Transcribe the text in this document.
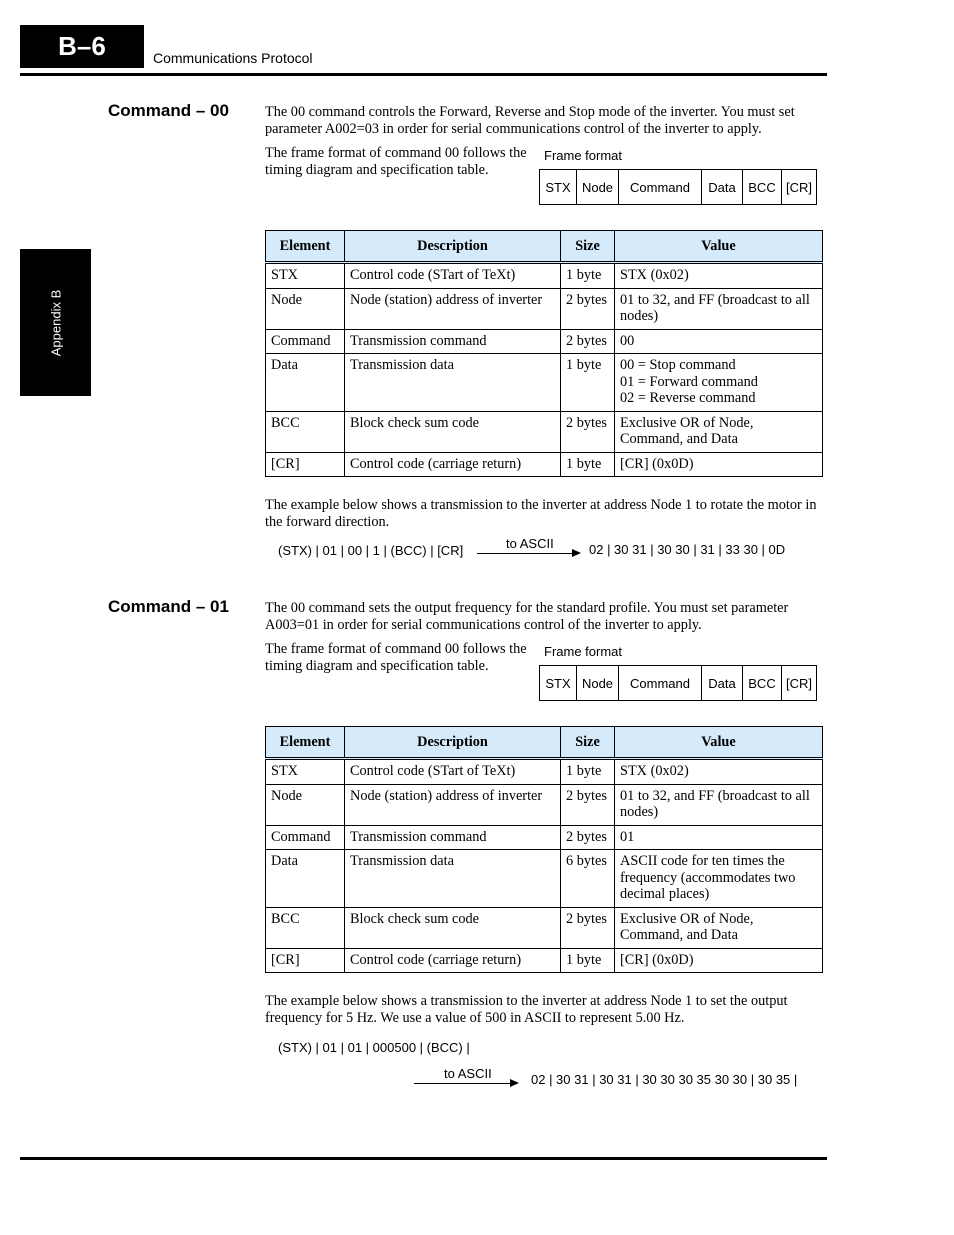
B–6	Communications Protocol
Appendix B
Command – 00	The 00 command controls the Forward, Reverse and Stop mode of the inverter. You must set parameter A002=03 in order for serial communications control of the inverter to apply.
The frame format of command 00 follows the timing diagram and specification table.
Frame format
STX Node	Command	Data BCC [CR]
Element	Description	Size	Value
STX	Control code (STart of TeXt)	1 byte	STX (0x02)
Node	Node (station) address of inverter	2 bytes	01 to 32, and FF (broadcast to all nodes)
Command	Transmission command	2 bytes	00
Data	Transmission data	1 byte	00 = Stop command
01 = Forward command
02 = Reverse command
BCC	Block check sum code	2 bytes	Exclusive OR of Node, Command, and Data
[CR]	Control code (carriage return)	1 byte	[CR] (0x0D)
The example below shows a transmission to the inverter at address Node 1 to rotate the motor in the forward direction.
(STX) | 01 | 00 | 1 | (BCC) | [CR]	to ASCII	02 | 30 31 | 30 30 | 31 | 33 30 | 0D
Command – 01	The 00 command sets the output frequency for the standard profile. You must set parameter A003=01 in order for serial communications control of the inverter to apply.
The frame format of command 00 follows the timing diagram and specification table.
Frame format
STX Node	Command	Data BCC [CR]
Element	Description	Size	Value
STX	Control code (STart of TeXt)	1 byte	STX (0x02)
Node	Node (station) address of inverter	2 bytes	01 to 32, and FF (broadcast to all nodes)
Command	Transmission command	2 bytes	01
Data	Transmission data	6 bytes	ASCII code for ten times the frequency (accommodates two decimal places)
BCC	Block check sum code	2 bytes	Exclusive OR of Node, Command, and Data
[CR]	Control code (carriage return)	1 byte	[CR] (0x0D)
The example below shows a transmission to the inverter at address Node 1 to set the output frequency for 5 Hz. We use a value of 500 in ASCII to represent 5.00 Hz.
(STX) | 01 | 01 | 000500 | (BCC) |
to ASCII	02 | 30 31 | 30 31 | 30 30 30 35 30 30 | 30 35 |
